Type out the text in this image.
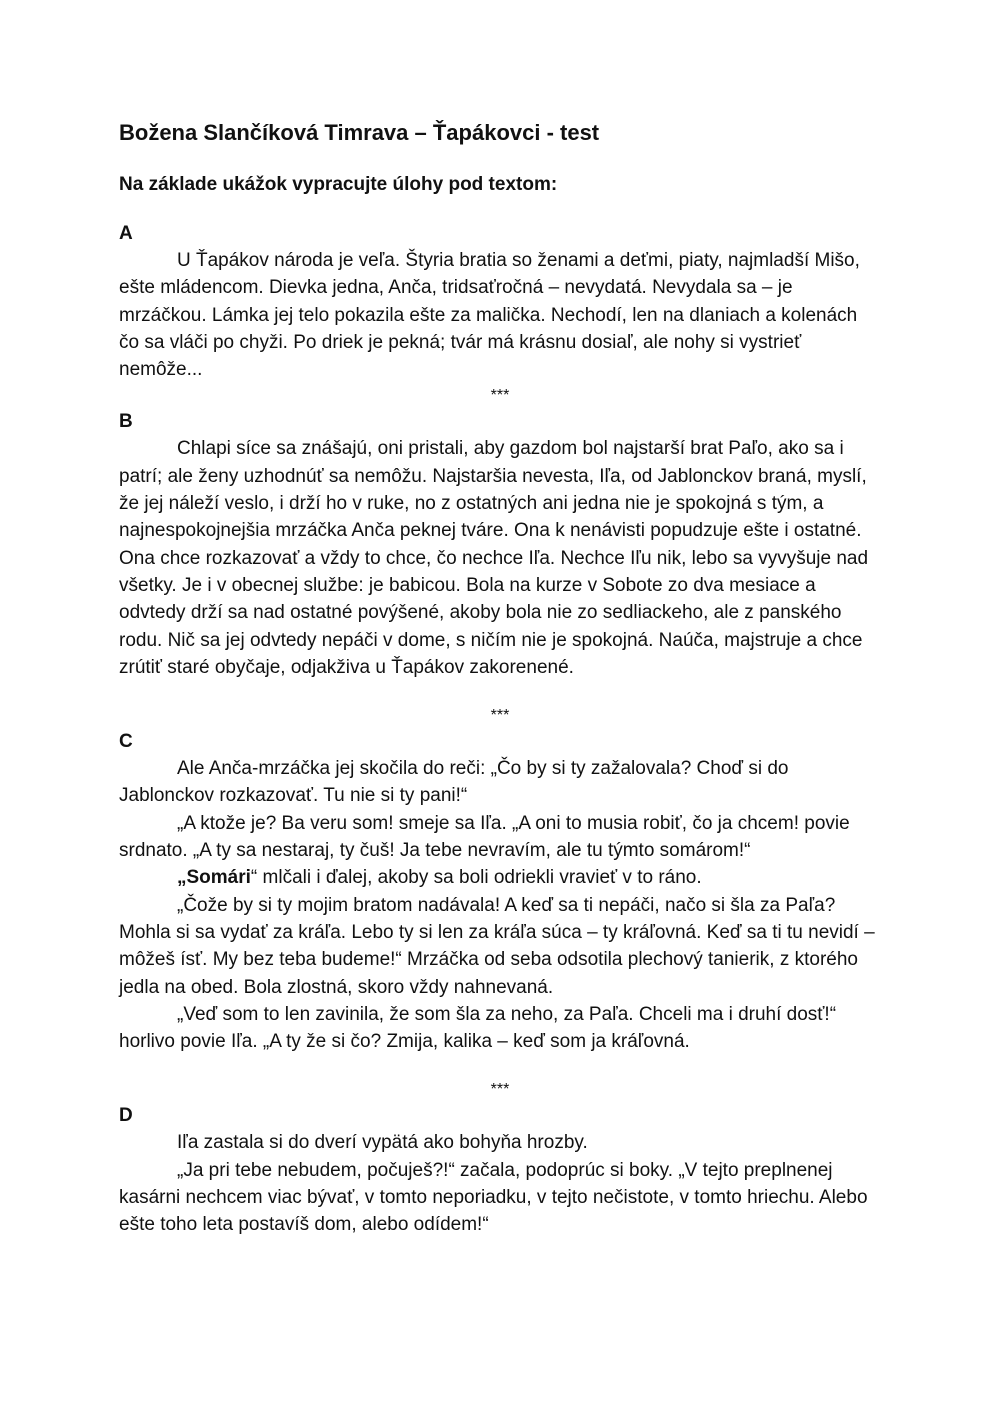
Božena Slančíková Timrava – Ťapákovci - test
Na základe ukážok vypracujte úlohy pod textom:
A

U Ťapákov národa je veľa. Štyria bratia so ženami a deťmi, piaty, najmladší Mišo, ešte mládencom. Dievka jedna, Anča, tridsaťročná – nevydatá. Nevydala sa – je mrzáčkou. Lámka jej telo pokazila ešte za malička. Nechodí, len na dlaniach a kolenách čo sa vláči po chyži. Po driek je pekná; tvár má krásnu dosiaľ, ale nohy si vystrieť nemôže...

***
B

Chlapi síce sa znášajú, oni pristali, aby gazdom bol najstarší brat Paľo, ako sa i patrí; ale ženy uzhodnúť sa nemôžu. Najstaršia nevesta, Iľa, od Jablonckov braná, myslí, že jej náleží veslo, i drží ho v ruke, no z ostatných ani jedna nie je spokojná s tým, a najnespokojnejšia mrzáčka Anča peknej tváre. Ona k nenávisti popudzuje ešte i ostatné. Ona chce rozkazovať a vždy to chce, čo nechce Iľa. Nechce Iľu nik, lebo sa vyvyšuje nad všetky. Je i v obecnej službe: je babicou. Bola na kurze v Sobote zo dva mesiace a odvtedy drží sa nad ostatné povýšené, akoby bola nie zo sedliackeho, ale z panského rodu. Nič sa jej odvtedy nepáči v dome, s ničím nie je spokojná. Naúča, majstruje a chce zrútiť staré obyčaje, odjakživa u Ťapákov zakorenené.

***
C

Ale Anča-mrzáčka jej skočila do reči: „Čo by si ty zažalovala? Choď si do Jablonckov rozkazovať. Tu nie si ty pani!“

„A ktože je? Ba veru som! smeje sa Iľa. „A oni to musia robiť, čo ja chcem! povie srdnato. „A ty sa nestaraj, ty čuš! Ja tebe nevravím, ale tu týmto somárom!“

„Somári“ mlčali i ďalej, akoby sa boli odriekli vravieť v to ráno.

„Čože by si ty mojim bratom nadávala! A keď sa ti nepáči, načo si šla za Paľa? Mohla si sa vydať za kráľa. Lebo ty si len za kráľa súca – ty kráľovná. Keď sa ti tu nevidí – môžeš ísť. My bez teba budeme!“ Mrzáčka od seba odsotila plechový tanierik, z ktorého jedla na obed. Bola zlostná, skoro vždy nahnevaná.

„Veď som to len zavinila, že som šla za neho, za Paľa. Chceli ma i druhí dosť!“ horlivo povie Iľa. „A ty že si čo? Zmija, kalika – keď som ja kráľovná.

***
D

Iľa zastala si do dverí vypätá ako bohyňa hrozby.

„Ja pri tebe nebudem, počuješ?!“ začala, podoprúc si boky. „V tejto preplnenej kasárni nechcem viac bývať, v tomto neporiadku, v tejto nečistote, v tomto hriechu. Alebo ešte toho leta postavíš dom, alebo odídem!“
